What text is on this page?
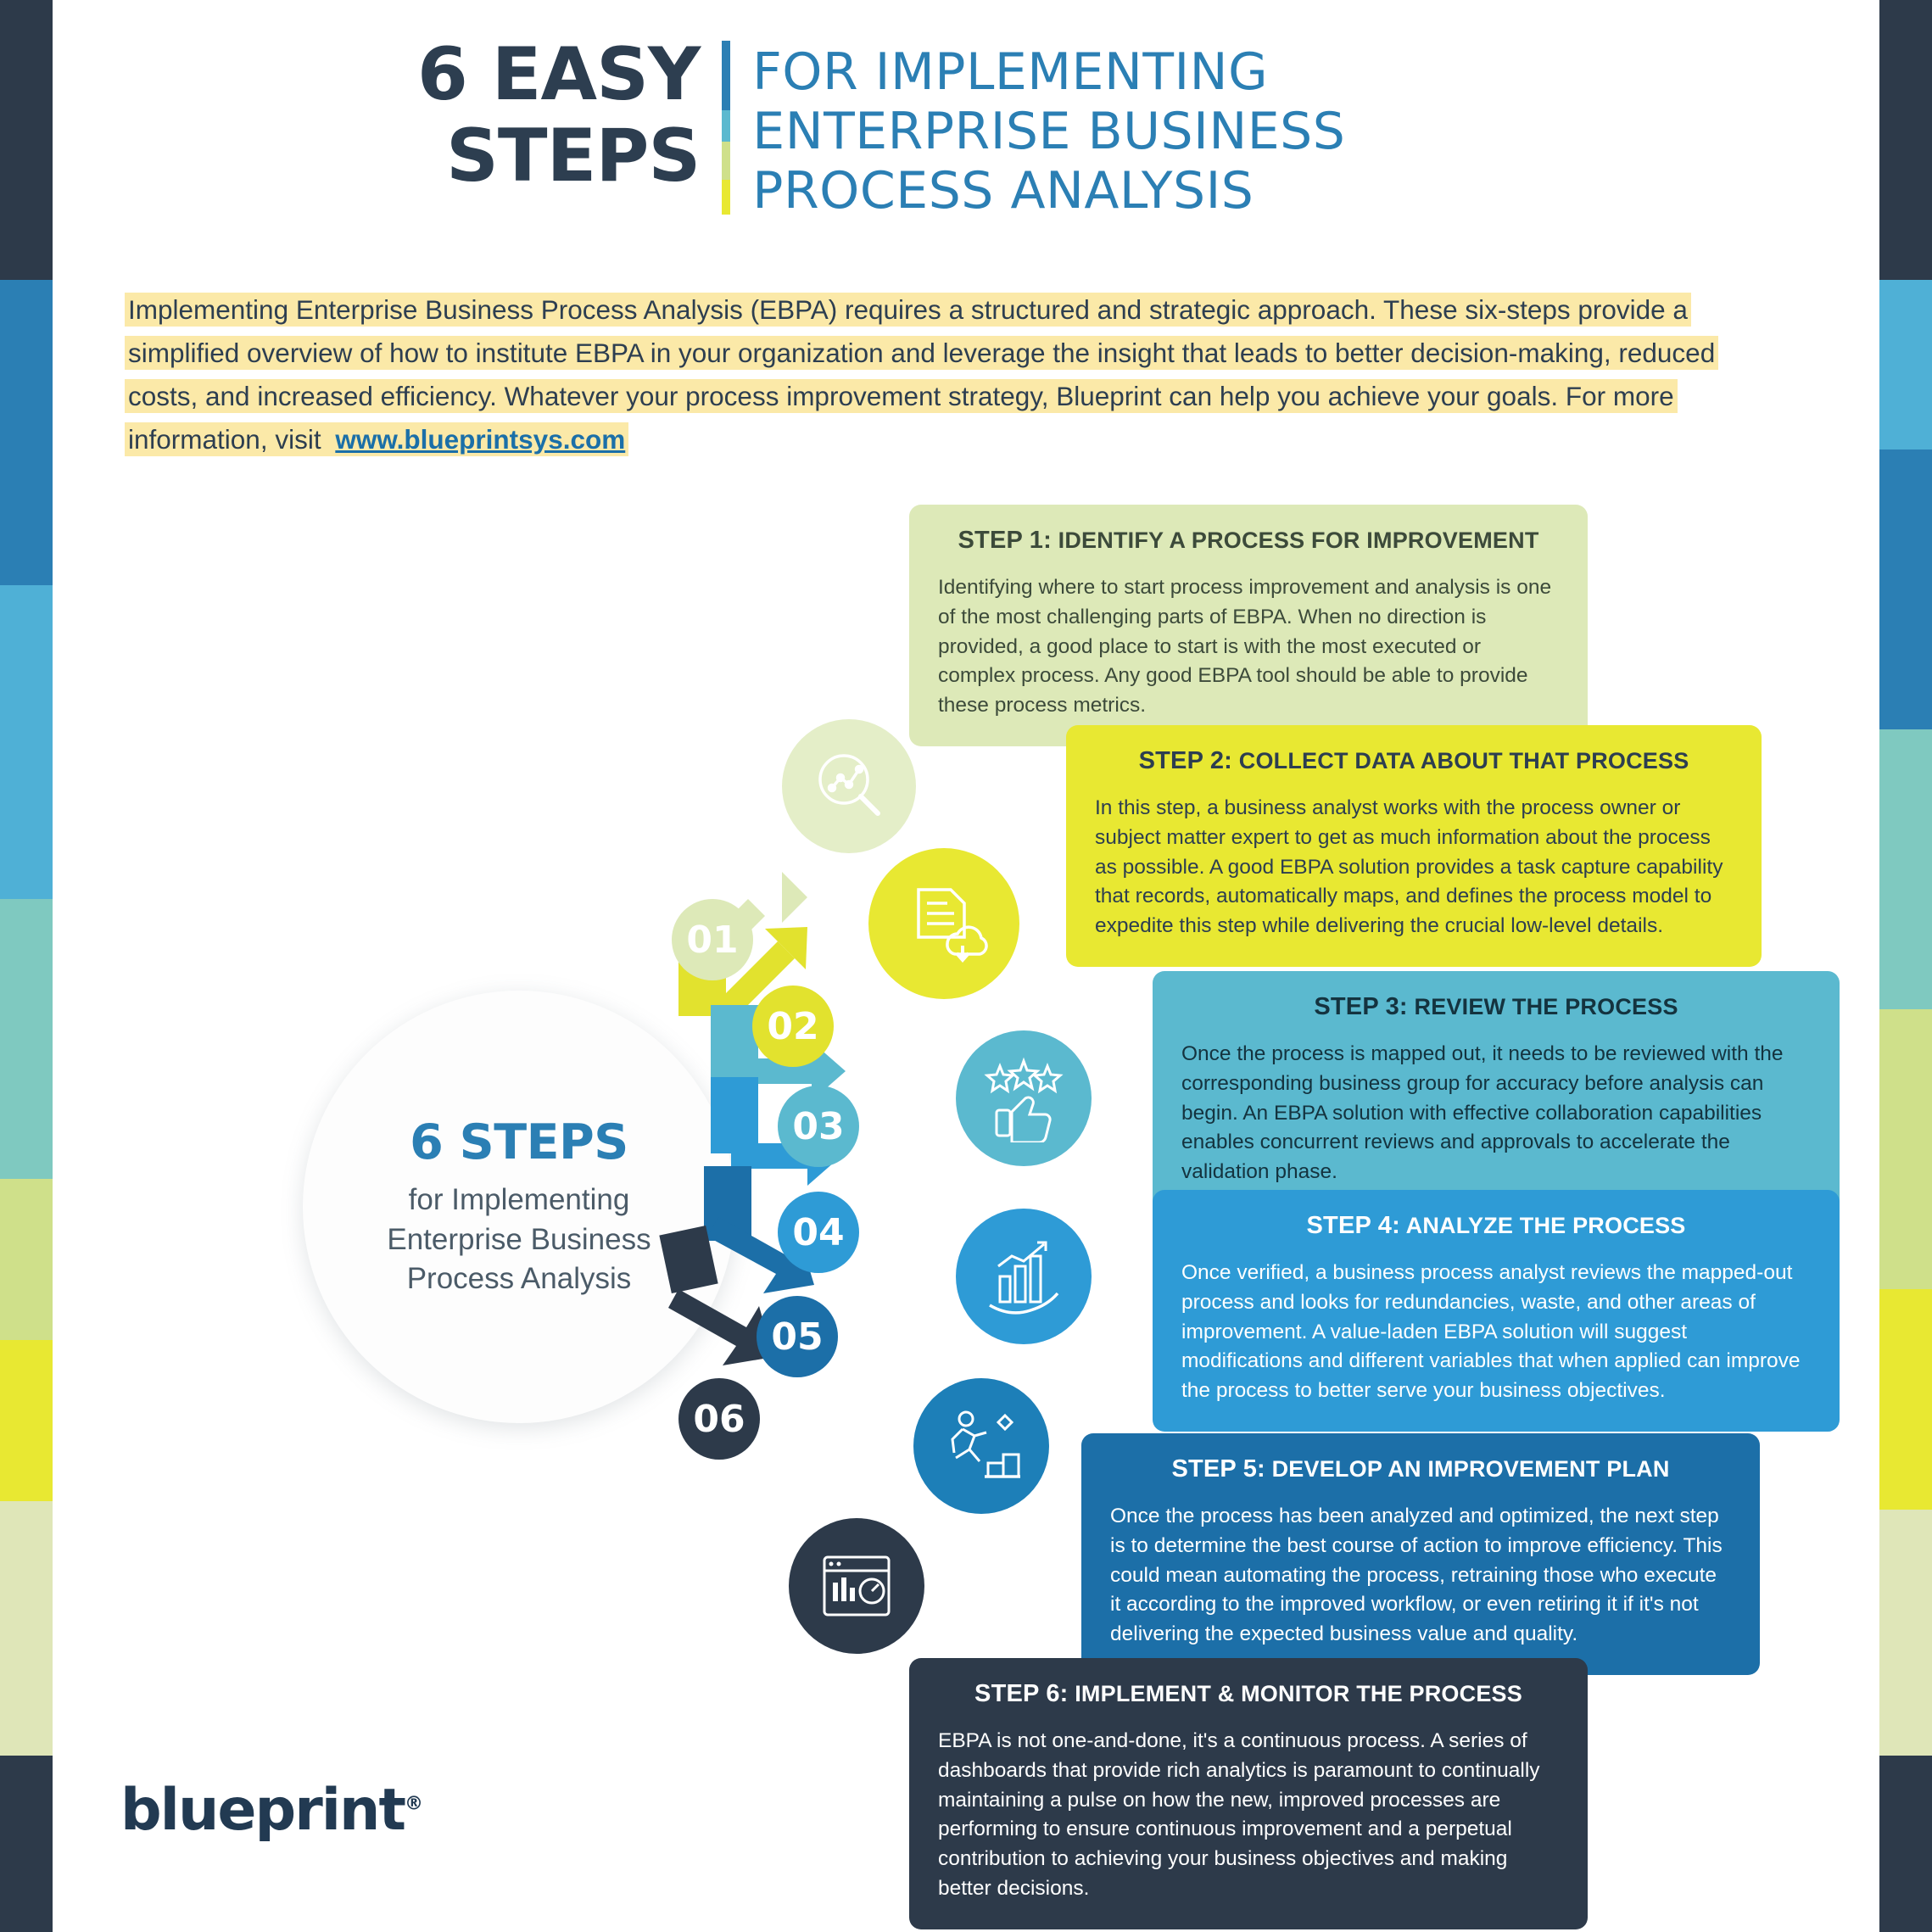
6 EASY
STEPS
FOR IMPLEMENTING
ENTERPRISE BUSINESS
PROCESS ANALYSIS
Implementing Enterprise Business Process Analysis (EBPA) requires a structured and strategic approach. These six-steps provide a simplified overview of how to institute EBPA in your organization and leverage the insight that leads to better decision-making, reduced costs, and increased efficiency. Whatever your process improvement strategy, Blueprint can help you achieve your goals. For more information, visit www.blueprintsys.com
6 STEPS
for Implementing
Enterprise Business
Process Analysis
01
02
03
04
05
06
STEP 1: IDENTIFY A PROCESS FOR IMPROVEMENT
Identifying where to start process improvement and analysis is one of the most challenging parts of EBPA. When no direction is provided, a good place to start is with the most executed or complex process. Any good EBPA tool should be able to provide these process metrics.
STEP 2: COLLECT DATA ABOUT THAT PROCESS
In this step, a business analyst works with the process owner or subject matter expert to get as much information about the process as possible. A good EBPA solution provides a task capture capability that records, automatically maps, and defines the process model to expedite this step while delivering the crucial low-level details.
STEP 3: REVIEW THE PROCESS
Once the process is mapped out, it needs to be reviewed with the corresponding business group for accuracy before analysis can begin. An EBPA solution with effective collaboration capabilities enables concurrent reviews and approvals to accelerate the validation phase.
STEP 4: ANALYZE THE PROCESS
Once verified, a business process analyst reviews the mapped-out process and looks for redundancies, waste, and other areas of improvement. A value-laden EBPA solution will suggest modifications and different variables that when applied can improve the process to better serve your business objectives.
STEP 5: DEVELOP AN IMPROVEMENT PLAN
Once the process has been analyzed and optimized, the next step is to determine the best course of action to improve efficiency. This could mean automating the process, retraining those who execute it according to the improved workflow, or even retiring it if it's not delivering the expected business value and quality.
STEP 6: IMPLEMENT & MONITOR THE PROCESS
EBPA is not one-and-done, it's a continuous process. A series of dashboards that provide rich analytics is paramount to continually maintaining a pulse on how the new, improved processes are performing to ensure continuous improvement and a perpetual contribution to achieving your business objectives and making better decisions.
blueprint®
